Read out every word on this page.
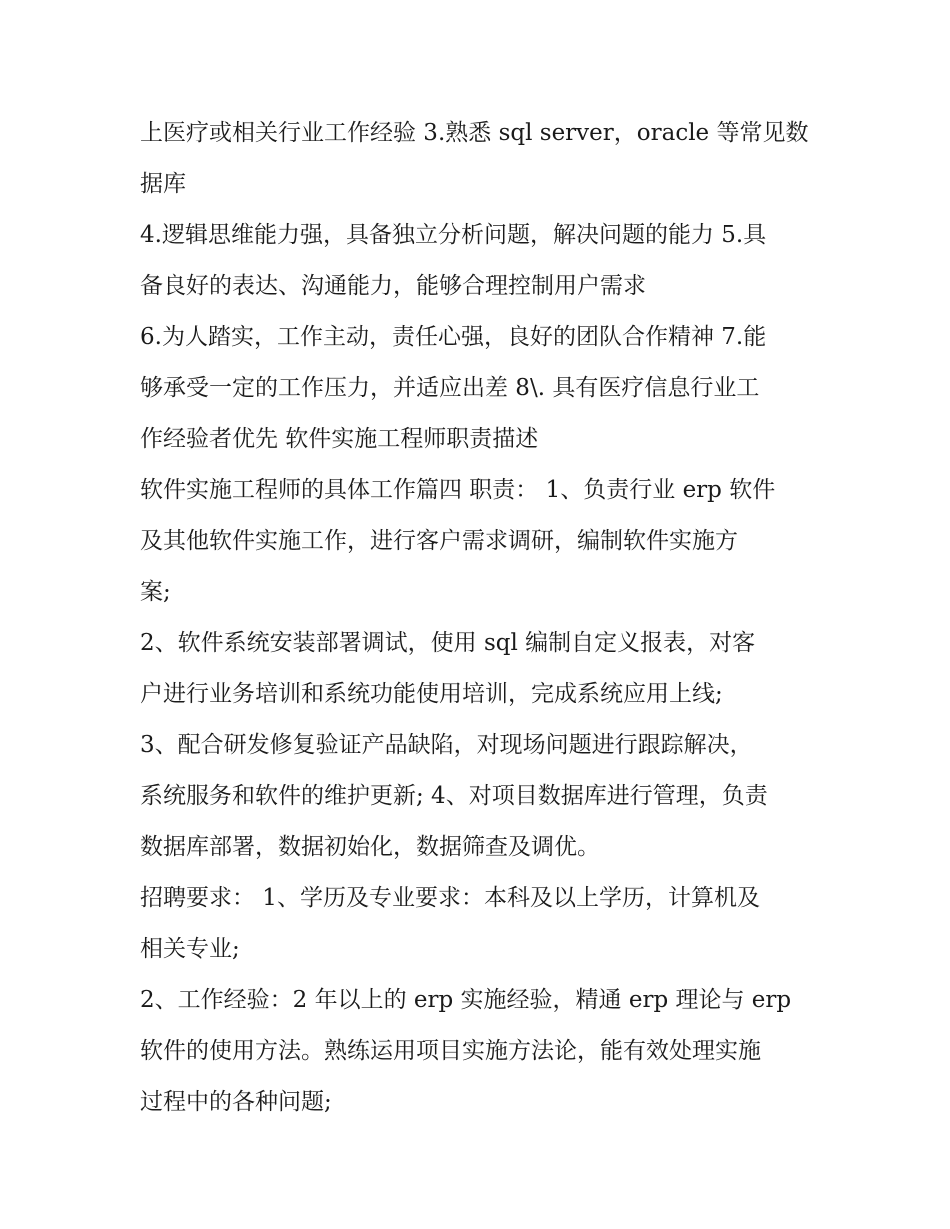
上医疗或相关行业工作经验 3.熟悉 sql server，oracle 等常见数
据库
4.逻辑思维能力强，具备独立分析问题，解决问题的能力 5.具
备良好的表达、沟通能力，能够合理控制用户需求
6.为人踏实，工作主动，责任心强，良好的团队合作精神 7.能
够承受一定的工作压力，并适应出差 8\. 具有医疗信息行业工
作经验者优先 软件实施工程师职责描述
软件实施工程师的具体工作篇四 职责： 1、负责行业 erp 软件
及其他软件实施工作，进行客户需求调研，编制软件实施方
案;
2、软件系统安装部署调试，使用 sql 编制自定义报表，对客
户进行业务培训和系统功能使用培训，完成系统应用上线;
3、配合研发修复验证产品缺陷，对现场问题进行跟踪解决，
系统服务和软件的维护更新; 4、对项目数据库进行管理，负责
数据库部署，数据初始化，数据筛查及调优。
招聘要求： 1、学历及专业要求：本科及以上学历，计算机及
相关专业;
2、工作经验：2 年以上的 erp 实施经验，精通 erp 理论与 erp
软件的使用方法。熟练运用项目实施方法论，能有效处理实施
过程中的各种问题;
